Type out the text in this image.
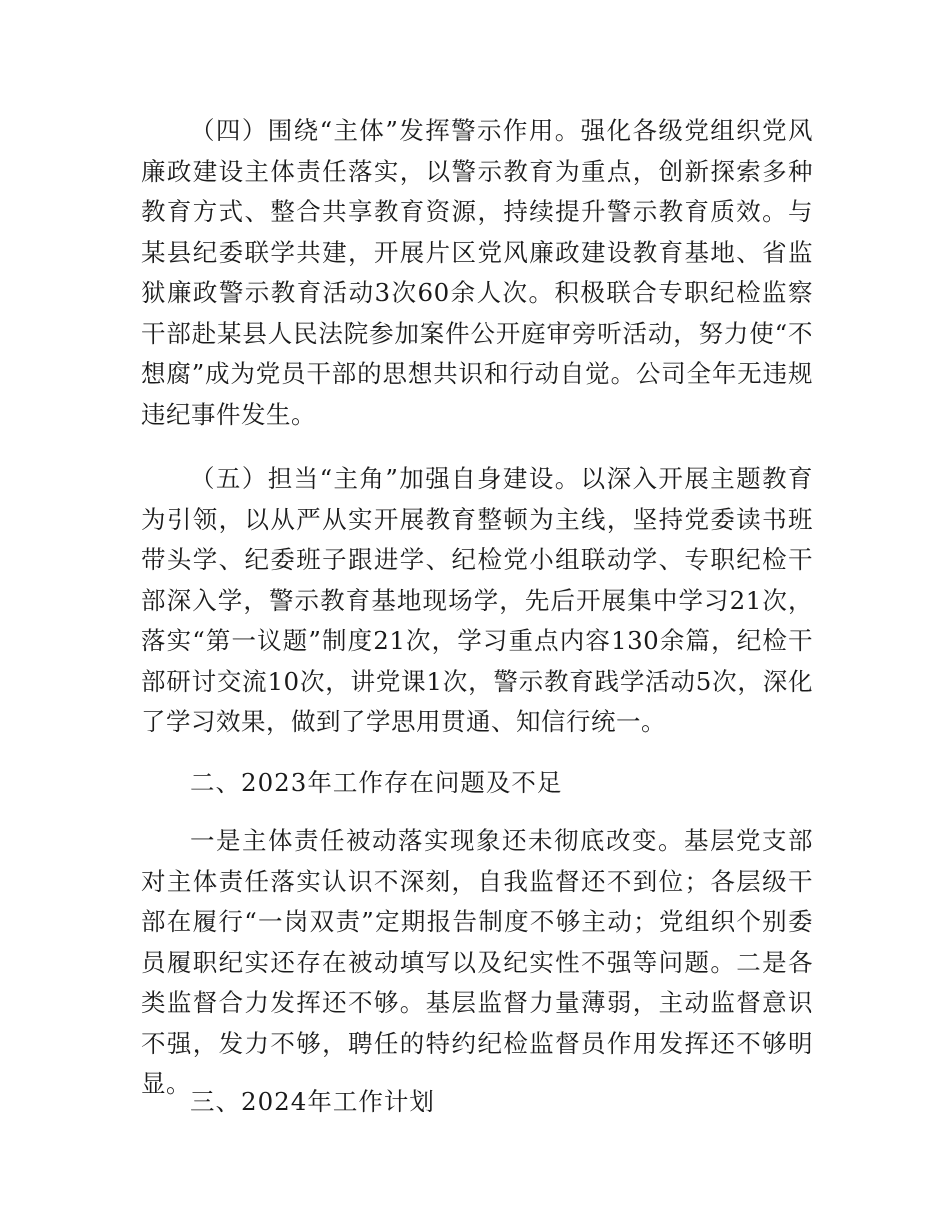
（四）围绕“主体”发挥警示作用。强化各级党组织党风廉政建设主体责任落实，以警示教育为重点，创新探索多种教育方式、整合共享教育资源，持续提升警示教育质效。与某县纪委联学共建，开展片区党风廉政建设教育基地、省监狱廉政警示教育活动3次60余人次。积极联合专职纪检监察干部赴某县人民法院参加案件公开庭审旁听活动，努力使“不想腐”成为党员干部的思想共识和行动自觉。公司全年无违规违纪事件发生。

（五）担当“主角”加强自身建设。以深入开展主题教育为引领，以从严从实开展教育整顿为主线，坚持党委读书班带头学、纪委班子跟进学、纪检党小组联动学、专职纪检干部深入学，警示教育基地现场学，先后开展集中学习21次，落实“第一议题”制度21次，学习重点内容130余篇，纪检干部研讨交流10次，讲党课1次，警示教育践学活动5次，深化了学习效果，做到了学思用贯通、知信行统一。

二、2023年工作存在问题及不足

一是主体责任被动落实现象还未彻底改变。基层党支部对主体责任落实认识不深刻，自我监督还不到位；各层级干部在履行“一岗双责”定期报告制度不够主动；党组织个别委员履职纪实还存在被动填写以及纪实性不强等问题。二是各类监督合力发挥还不够。基层监督力量薄弱，主动监督意识不强，发力不够，聘任的特约纪检监督员作用发挥还不够明显。

三、2024年工作计划
